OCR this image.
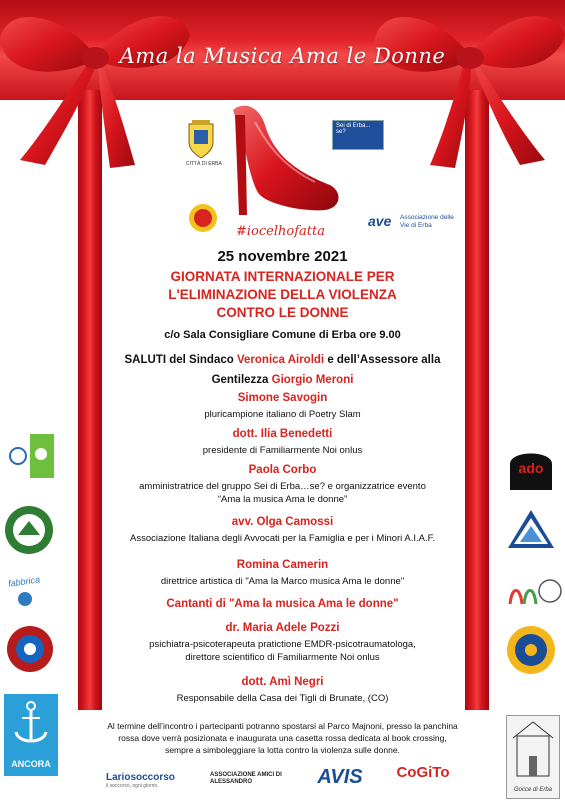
Ama la Musica Ama le Donne
CITTÀ DI ERBA
Sei di Erba... se?
#iocelhofatta
ave	Associazione delle Vie di Erba
25 novembre 2021
GIORNATA INTERNAZIONALE PER
L'ELIMINAZIONE DELLA VIOLENZA
CONTRO LE DONNE
c/o Sala Consigliare Comune di Erba ore 9.00
SALUTI del Sindaco Veronica Airoldi e dell’Assessore alla
Gentilezza Giorgio Meroni
Simone Savogin
pluricampione italiano di Poetry Slam
dott. Ilia Benedetti
presidente di Familiarmente Noi onlus
Paola Corbo
amministratrice del gruppo Sei di Erba…se? e organizzatrice evento
“Ama la musica Ama le donne”
avv. Olga Camossi
Associazione Italiana degli Avvocati per la Famiglia e per i Minori A.I.A.F.
Romina Camerin
direttrice artistica di "Ama la Marco musica Ama le donne"
Cantanti di "Ama la musica Ama le donne"
dr. Maria Adele Pozzi
psichiatra-psicoterapeuta pratictione EMDR-psicotraumatologa,
direttore scientifico di Familiarmente Noi onlus
dott. Amì Negri
Responsabile della Casa dei Tigli di Brunate, (CO)
ANA
fabbrica
ANCORA
ado
Gocce di Erba
Al termine dell’incontro i partecipanti potranno spostarsi al Parco Majnoni, presso la panchina rossa dove verrà posizionata e inaugurata una casetta rossa dedicata al book crossing, sempre a simboleggiare la lotta contro la violenza sulle donne.
Lariosoccorso
il soccorso, ogni giorno.
ASSOCIAZIONE AMICI DI ALESSANDRO	AVIS	CoGiTo
